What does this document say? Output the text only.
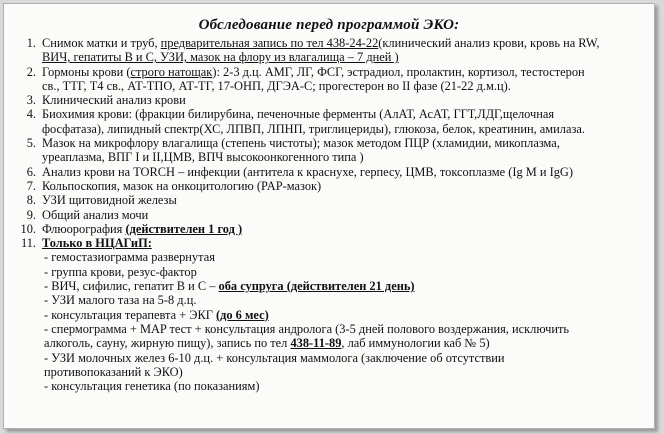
Обследование перед программой ЭКО:
1. Снимок матки и труб, предварительная запись по тел 438-24-22(клинический анализ крови, кровь на RW,
ВИЧ, гепатиты В и С, УЗИ, мазок на флору из влагалища – 7 дней )
2. Гормоны крови (строго натощак): 2-3 д.ц. АМГ, ЛГ, ФСГ, эстрадиол, пролактин, кортизол, тестостерон
св., ТТГ, Т4 св., АТ-ТПО, АТ-ТГ, 17-ОНП, ДГЭА-С; прогестерон во II фазе (21-22 д.м.ц).
3. Клинический анализ крови
4. Биохимия крови: (фракции билирубина, печеночные ферменты (АлАТ, АсАТ, ГГТ,ЛДГ,щелочная
фосфатаза), липидный спектр(ХС, ЛПВП, ЛПНП, триглицериды), глюкоза, белок, креатинин, амилаза.
5. Мазок на микрофлору влагалища (степень чистоты); мазок методом ПЦР (хламидии, микоплазма,
уреаплазма, ВПГ I и II,ЦМВ, ВПЧ высокоонкогенного типа )
6. Анализ крови на TORCH – инфекции (антитела к краснухе, герпесу, ЦМВ, токсоплазме (Ig M и IgG)
7. Кольпоскопия, мазок на онкоцитологию (PAP-мазок)
8. УЗИ щитовидной железы
9. Общий анализ мочи
10. Флюорография (действителен 1 год )
11. Только в НЦАГиП:
- гемостазиограмма развернутая
- группа крови, резус-фактор
- ВИЧ, сифилис, гепатит В и С – оба супруга (действителен 21 день)
- УЗИ малого таза на 5-8 д.ц.
- консультация терапевта + ЭКГ (до 6 мес)
- спермограмма + MAP тест + консультация андролога (3-5 дней полового воздержания, исключить
алкоголь, сауну, жирную пищу), запись по тел 438-11-89, лаб иммунологии каб № 5)
- УЗИ молочных желез 6-10 д.ц. + консультация маммолога (заключение об отсутствии
противопоказаний к ЭКО)
- консультация генетика (по показаниям)
